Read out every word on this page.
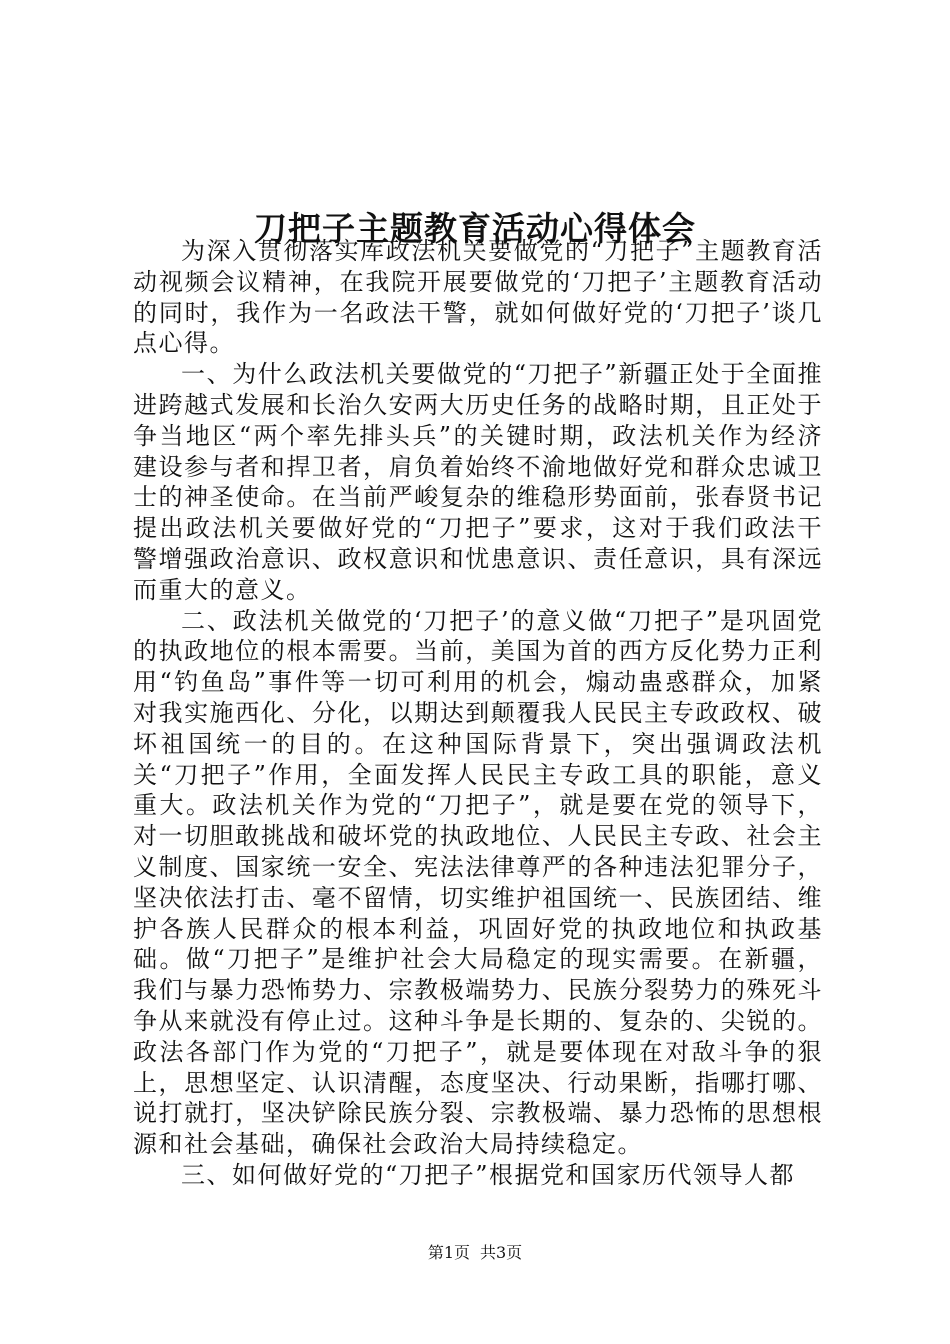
刀把子主题教育活动心得体会

为深入贯彻落实库政法机关要做党的“刀把子”主题教育活动视频会议精神，在我院开展要做党的‘刀把子’主题教育活动的同时，我作为一名政法干警，就如何做好党的‘刀把子’谈几点心得。

一、为什么政法机关要做党的“刀把子”新疆正处于全面推进跨越式发展和长治久安两大历史任务的战略时期，且正处于争当地区“两个率先排头兵”的关键时期，政法机关作为经济建设参与者和捍卫者，肩负着始终不渝地做好党和群众忠诚卫士的神圣使命。在当前严峻复杂的维稳形势面前，张春贤书记提出政法机关要做好党的“刀把子”要求，这对于我们政法干警增强政治意识、政权意识和忧患意识、责任意识，具有深远而重大的意义。

二、政法机关做党的‘刀把子’的意义做“刀把子”是巩固党的执政地位的根本需要。当前，美国为首的西方反化势力正利用“钓鱼岛”事件等一切可利用的机会，煽动蛊惑群众，加紧对我实施西化、分化，以期达到颠覆我人民民主专政政权、破坏祖国统一的目的。在这种国际背景下，突出强调政法机关“刀把子”作用，全面发挥人民民主专政工具的职能，意义重大。政法机关作为党的“刀把子”，就是要在党的领导下，对一切胆敢挑战和破坏党的执政地位、人民民主专政、社会主义制度、国家统一安全、宪法法律尊严的各种违法犯罪分子，坚决依法打击、毫不留情，切实维护祖国统一、民族团结、维护各族人民群众的根本利益，巩固好党的执政地位和执政基础。做“刀把子”是维护社会大局稳定的现实需要。在新疆，我们与暴力恐怖势力、宗教极端势力、民族分裂势力的殊死斗争从来就没有停止过。这种斗争是长期的、复杂的、尖锐的。政法各部门作为党的“刀把子”，就是要体现在对敌斗争的狠上，思想坚定、认识清醒，态度坚决、行动果断，指哪打哪、说打就打，坚决铲除民族分裂、宗教极端、暴力恐怖的思想根源和社会基础，确保社会政治大局持续稳定。

三、如何做好党的“刀把子”根据党和国家历代领导人都

第1页 共3页
